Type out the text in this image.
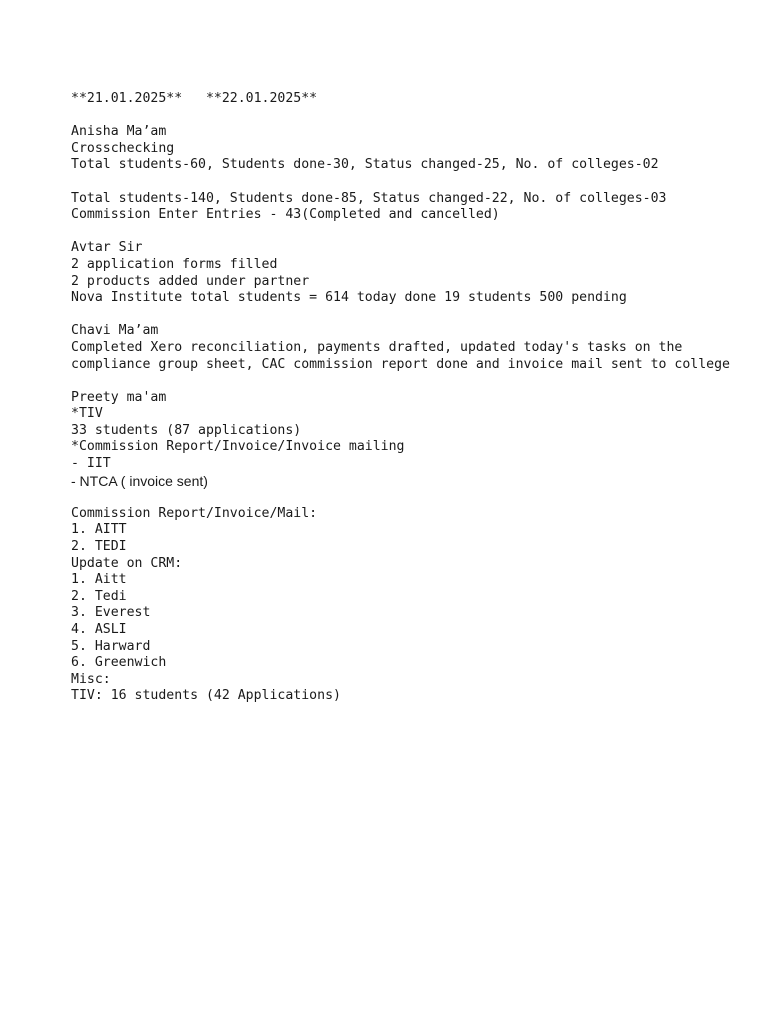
**21.01.2025**   **22.01.2025**
Anisha Ma’am
Crosschecking
Total students-60, Students done-30, Status changed-25, No. of colleges-02
Total students-140, Students done-85, Status changed-22, No. of colleges-03
Commission Enter Entries - 43(Completed and cancelled)
Avtar Sir
2 application forms filled
2 products added under partner
Nova Institute total students = 614 today done 19 students 500 pending
Chavi Ma’am
Completed Xero reconciliation, payments drafted, updated today's tasks on the
compliance group sheet, CAC commission report done and invoice mail sent to college
Preety ma'am
*TIV
33 students (87 applications)
*Commission Report/Invoice/Invoice mailing
- IIT
- NTCA ( invoice sent)
Commission Report/Invoice/Mail:
1. AITT
2. TEDI
Update on CRM:
1. Aitt
2. Tedi
3. Everest
4. ASLI
5. Harward
6. Greenwich
Misc:
TIV: 16 students (42 Applications)
